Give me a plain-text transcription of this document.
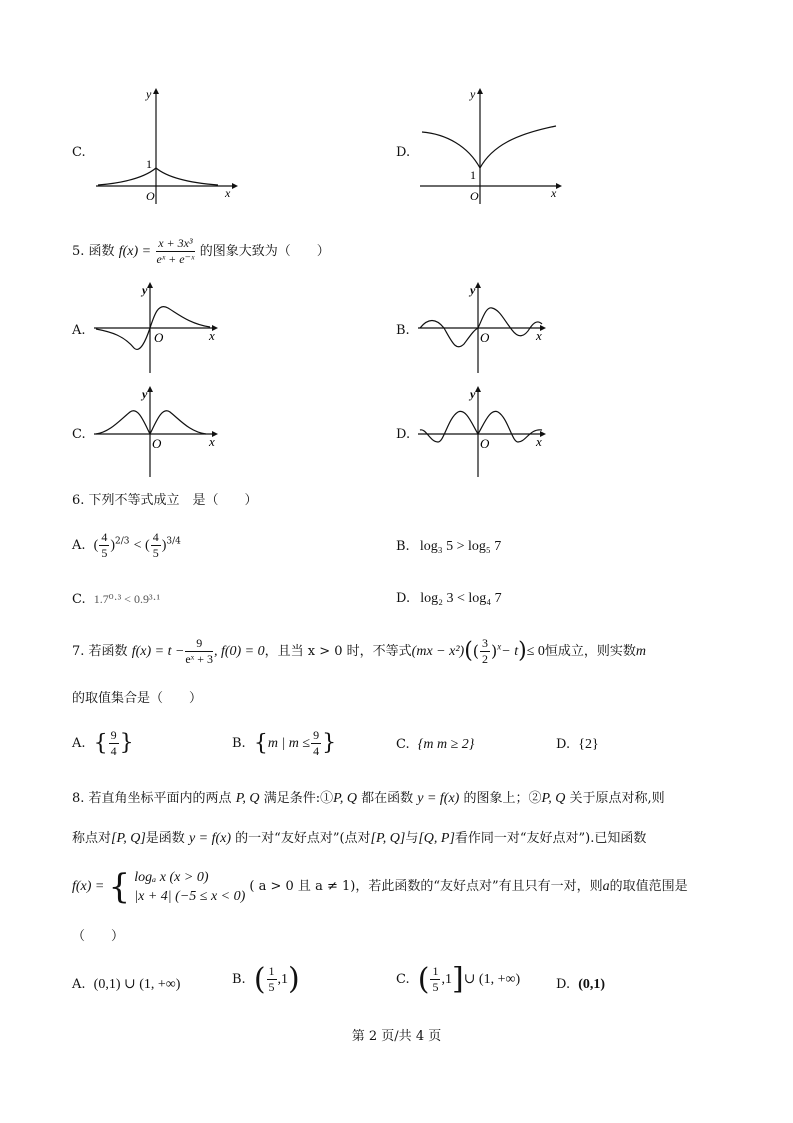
C.
y
x
O
1
D.
y
x
O
1
5. 函数 $f(x) = \frac{\text{x + 3x³}}{\text{eˣ + e⁻ˣ}}$ 的图象大致为（　　）
A.
y
x
O	B.
y
x
O
C.
y
x
O
D.
y
x
O
6. 下列不等式成立　是（　　）
A. ( $\frac{4}{5} )^{2/3}$ < ( $\frac{4}{5} )^{3/4}$	B. log₃ 5 > log₅ 7
C. 1.7⁰·³ < 0.9³·¹	D. log₂ 3 < log₄ 7
7. 若函数 $f(x) = t - \frac{9}{\text{eˣ + 3}}$ , f(0) = 0，且当 x > 0 时，不等式$(mx - x^2)(( \frac{3}{2} )^x- t)\le 0$恒成立，则实数m
的取值集合是（　　）
A. { $\frac{9}{4}$ }	B. {m | $m \le \frac{9}{4}$ }	C. {m m ≥ 2}	D. {2}
8. 若直角坐标平面内的两点 P, Q 满足条件:①P, Q 都在函数 y = f(x) 的图象上；②P, Q 关于原点对称,则
称点对[P, Q]是函数 y = f(x) 的一对“友好点对”(点对[P, Q]与[Q, P]看作同一对“友好点对”).已知函数
f(x) = { logₐ x (x > 0)
|x + 4| (−5 ≤ x < 0)
( a > 0 且 a ≠ 1)，若此函数的“友好点对”有且只有一对，则a的取值范围是
（　　）
A. (0,1) ∪ (1, +∞)	B. ( $\frac{1}{5} ,1$)	C. ( $\frac{1}{5}$ ,1]∪ (1, +∞)	D. (0,1)
第 2 页/共 4 页
